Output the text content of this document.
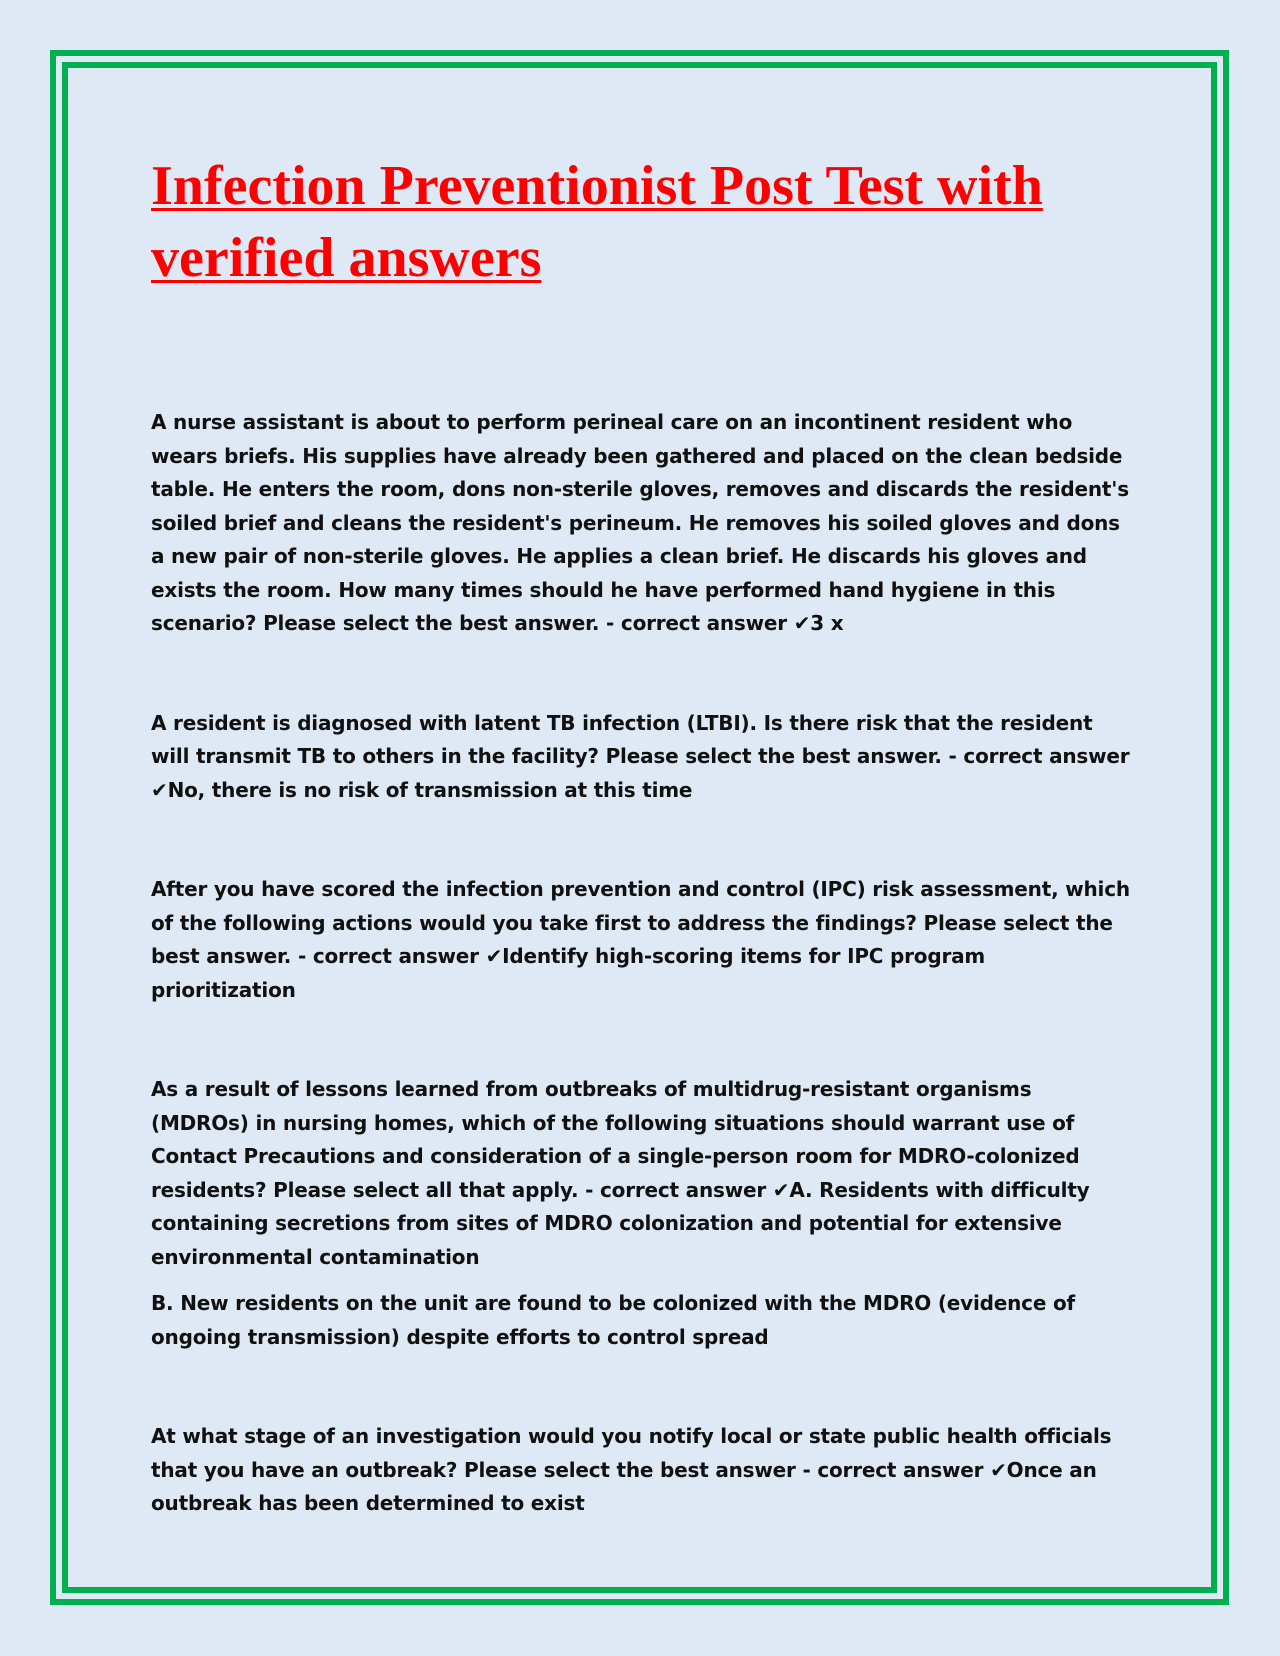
Infection Preventionist Post Test with verified answers

A nurse assistant is about to perform perineal care on an incontinent resident who wears briefs. His supplies have already been gathered and placed on the clean bedside table. He enters the room, dons non-sterile gloves, removes and discards the resident's soiled brief and cleans the resident's perineum. He removes his soiled gloves and dons a new pair of non-sterile gloves. He applies a clean brief. He discards his gloves and exists the room. How many times should he have performed hand hygiene in this scenario? Please select the best answer. - correct answer ✔3 x

A resident is diagnosed with latent TB infection (LTBI). Is there risk that the resident will transmit TB to others in the facility? Please select the best answer. - correct answer ✔No, there is no risk of transmission at this time

After you have scored the infection prevention and control (IPC) risk assessment, which of the following actions would you take first to address the findings? Please select the best answer. - correct answer ✔Identify high-scoring items for IPC program prioritization

As a result of lessons learned from outbreaks of multidrug-resistant organisms (MDROs) in nursing homes, which of the following situations should warrant use of Contact Precautions and consideration of a single-person room for MDRO-colonized residents? Please select all that apply. - correct answer ✔A. Residents with difficulty containing secretions from sites of MDRO colonization and potential for extensive environmental contamination

B. New residents on the unit are found to be colonized with the MDRO (evidence of ongoing transmission) despite efforts to control spread

At what stage of an investigation would you notify local or state public health officials that you have an outbreak? Please select the best answer - correct answer ✔Once an outbreak has been determined to exist
